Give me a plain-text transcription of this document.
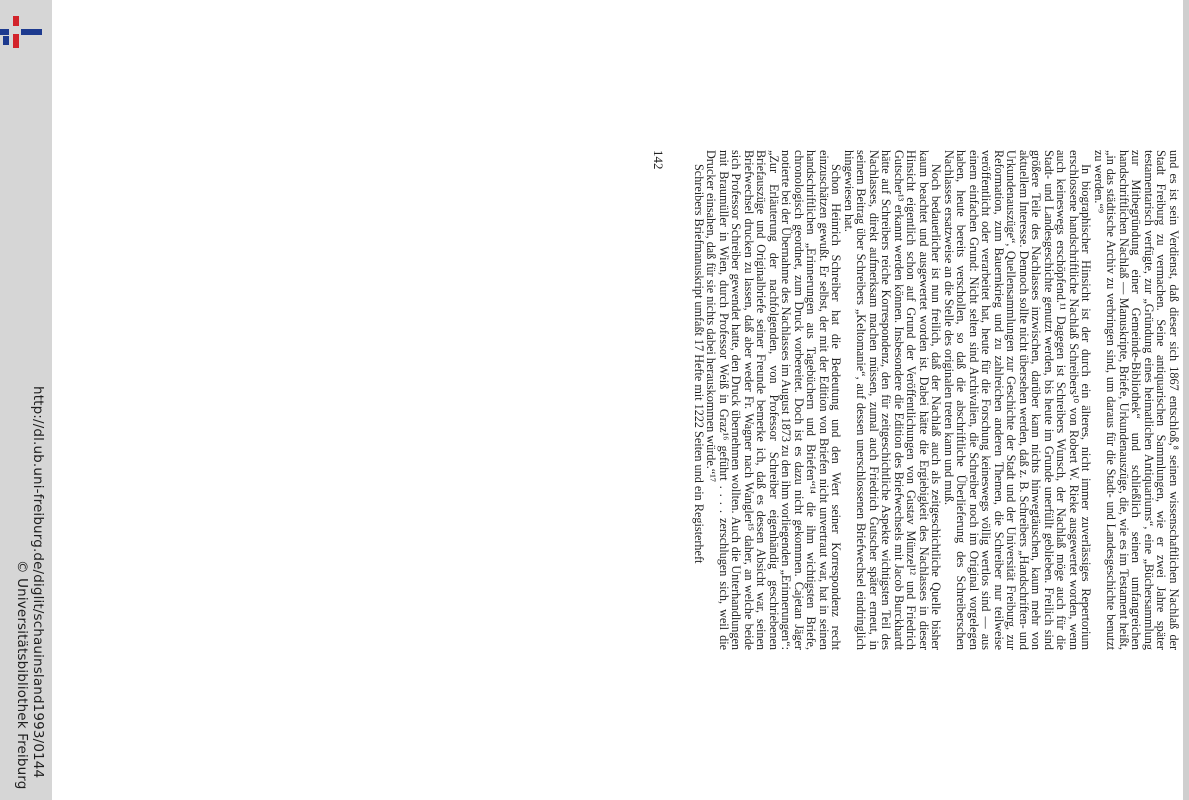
http://dl.ub.uni-freiburg.de/diglit/schauinsland1993/0144
© Universitätsbibliothek Freiburg

und es ist sein Verdienst, daß dieser sich 1867 entschloß,⁸ seinen wissenschaftlichen Nachlaß der Stadt Freiburg zu vermachen. Seine antiquarischen Sammlungen, wie er zwei Jahre später testamentarisch verfügte, zur „Gründung eines heimatlichen Antiquariums“, eine „Büchersammlung zur Mitbegründung einer Gemeinde-Bibliothek“ und schließlich seinen umfangreichen handschriftlichen Nachlaß — Manuskripte, Briefe, Urkundenauszüge, die, wie es im Testament heißt, „in das städtische Archiv zu verbringen sind, um daraus für die Stadt- und Landesgeschichte benutzt zu werden.“⁹

In biographischer Hinsicht ist der durch ein älteres, nicht immer zuverlässiges Repertorium erschlossene handschriftliche Nachlaß Schreibers¹⁰ von Robert W. Rieke ausgewertet worden, wenn auch keineswegs erschöpfend.¹¹ Dagegen ist Schreibers Wunsch, der Nachlaß möge auch für die Stadt- und Landesgeschichte genutzt werden, bis heute im Grunde unerfüllt geblieben. Freilich sind größere Teile des Nachlasses inzwischen, darüber kann nichts hinwegtäuschen, kaum mehr von aktuellem Interesse. Dennoch sollte nicht übersehen werden, daß z. B. Schreibers „Handschriften- und Urkundenauszüge“, Quellensammlungen zur Geschichte der Stadt und der Universität Freiburg, zur Reformation, zum Bauernkrieg und zu zahlreichen anderen Themen, die Schreiber nur teilweise veröffentlicht oder verarbeitet hat, heute für die Forschung keineswegs völlig wertlos sind — aus einem einfachen Grund: Nicht selten sind Archivalien, die Schreiber noch im Original vorgelegen haben, heute bereits verschollen, so daß die abschriftliche Überlieferung des Schreiberschen Nachlasses ersatzweise an die Stelle des originalen treten kann und muß.

Noch bedauerlicher ist nun freilich, daß der Nachlaß auch als zeitgeschichtliche Quelle bisher kaum beachtet und ausgewertet worden ist. Dabei hätte die Ergiebigkeit des Nachlasses in dieser Hinsicht eigentlich schon auf Grund der Veröffentlichungen von Gustav Münzel¹² und Friedrich Gutscher¹³ erkannt werden können. Insbesondere die Edition des Briefwechsels mit Jacob Burckhardt hätte auf Schreibers reiche Korrespondenz, den für zeitgeschichtliche Aspekte wichtigsten Teil des Nachlasses, direkt aufmerksam machen müssen, zumal auch Friedrich Gutscher später erneut, in seinem Beitrag über Schreibers „Keltomanie“, auf dessen unerschlossenen Briefwechsel eindringlich hingewiesen hat.

Schon Heinrich Schreiber hat die Bedeutung und den Wert seiner Korrespondenz recht einzuschätzen gewußt. Er selbst, der mit der Edition von Briefen nicht unvertraut war, hat in seinen handschriftlichen „Erinnerungen aus Tagebüchern und Briefen“¹⁴ die ihm wichtigsten Briefe, chronologisch geordnet, zum Druck vorbereitet. Doch ist es dazu nicht gekommen. Cajetan Jäger notierte bei der Übernahme des Nachlasses im August 1873 zu den ihm vorliegenden „Erinnerungen“: „Zur Erläuterung der nachfolgenden, von Professor Schreiber eigenhändig geschriebenen Briefauszüge und Originalbriefe seiner Freunde bemerke ich, daß es dessen Absicht war, seinen Briefwechsel drucken zu lassen, daß aber weder Fr. Wagner nach Wangler¹⁵ daher, an welche beide sich Professor Schreiber gewendet hatte, den Druck übernehmen wollten. Auch die Unterhandlungen mit Braumüller in Wien, durch Professor Weiß in Graz¹⁶ geführt . . . . zerschlugen sich, weil die Drucker einsahen, daß für sie nichts dabei herauskommen würde.“¹⁷

Schreibers Briefmanuskript umfaßt 17 Hefte mit 1222 Seiten und ein Registerheft

142
